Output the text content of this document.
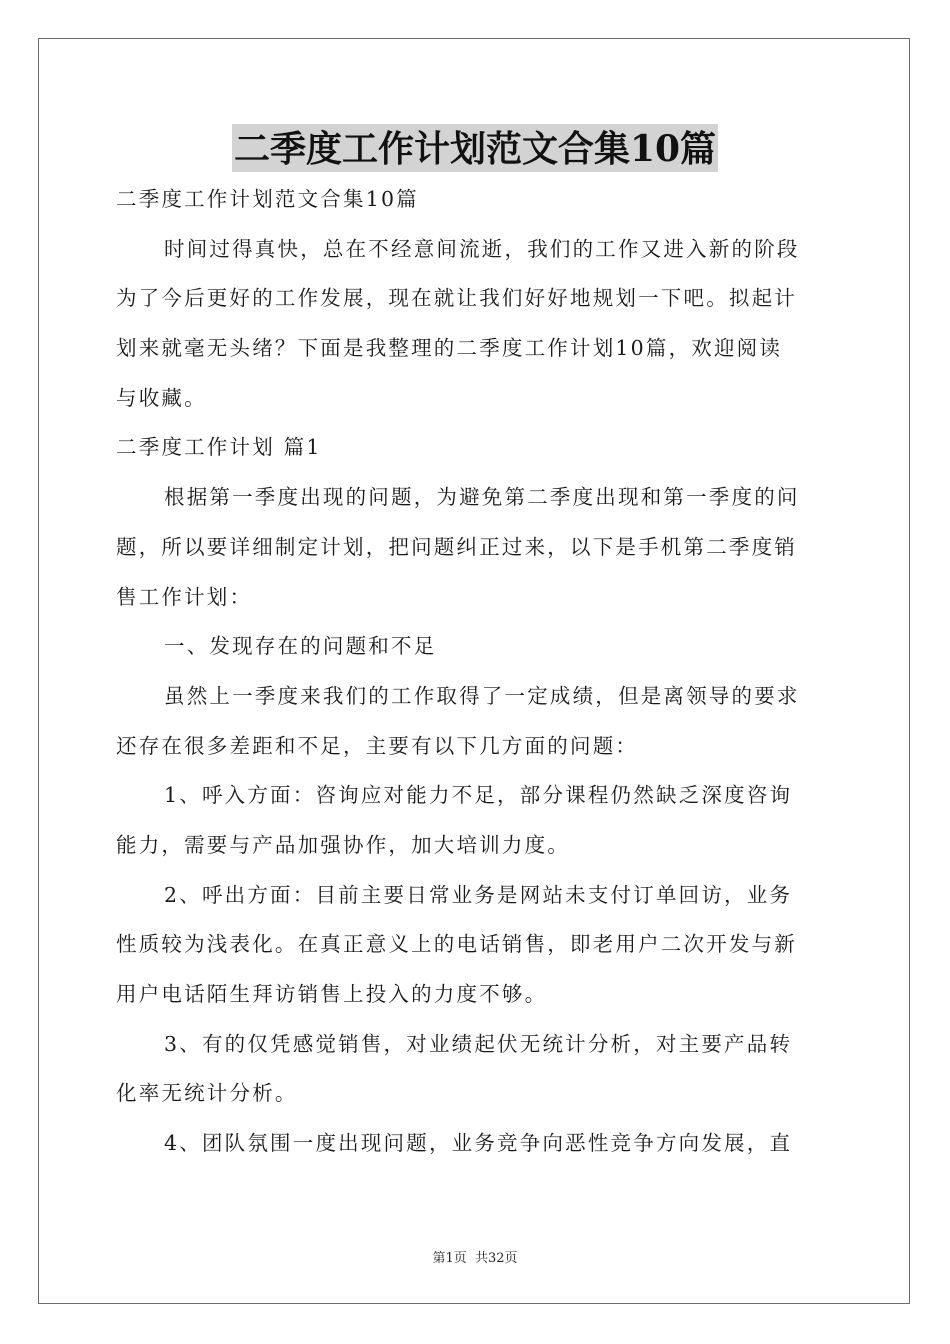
二季度工作计划范文合集10篇
二季度工作计划范文合集10篇
时间过得真快，总在不经意间流逝，我们的工作又进入新的阶段
为了今后更好的工作发展，现在就让我们好好地规划一下吧。拟起计
划来就毫无头绪？下面是我整理的二季度工作计划10篇，欢迎阅读
与收藏。
二季度工作计划 篇1
根据第一季度出现的问题，为避免第二季度出现和第一季度的问
题，所以要详细制定计划，把问题纠正过来，以下是手机第二季度销
售工作计划：
一、发现存在的问题和不足
虽然上一季度来我们的工作取得了一定成绩，但是离领导的要求
还存在很多差距和不足，主要有以下几方面的问题：
1、呼入方面：咨询应对能力不足，部分课程仍然缺乏深度咨询
能力，需要与产品加强协作，加大培训力度。
2、呼出方面：目前主要日常业务是网站未支付订单回访，业务
性质较为浅表化。在真正意义上的电话销售，即老用户二次开发与新
用户电话陌生拜访销售上投入的力度不够。
3、有的仅凭感觉销售，对业绩起伏无统计分析，对主要产品转
化率无统计分析。
4、团队氛围一度出现问题，业务竞争向恶性竞争方向发展，直
第1页 共32页
